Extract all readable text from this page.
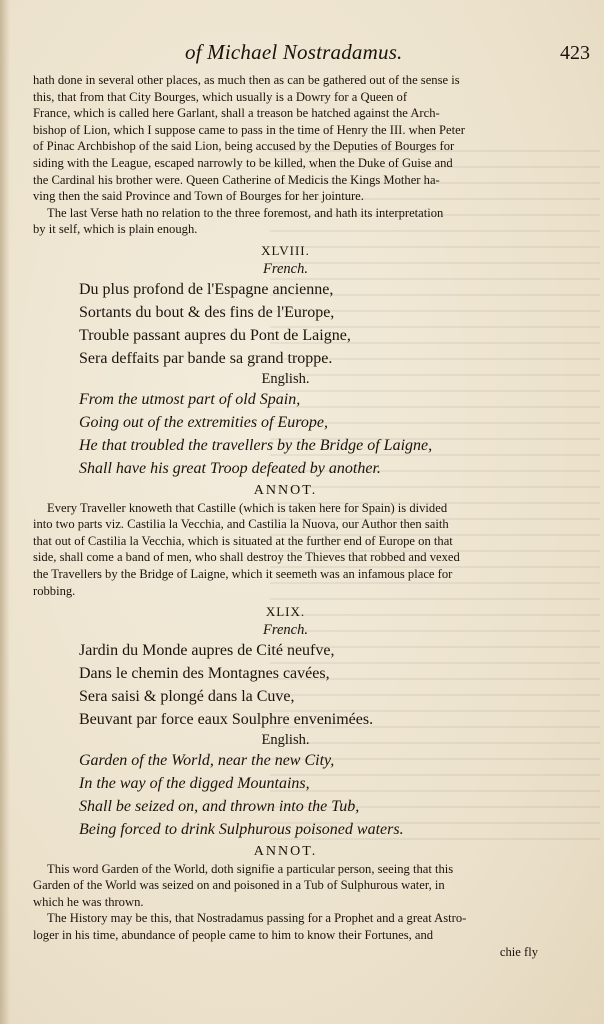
of Michael Nostradamus.	423

hath done in several other places, as much then as can be gathered out of the sense is
this, that from that City Bourges, which usually is a Dowry for a Queen of
France, which is called here Garlant, shall a treason be hatched against the Arch-
bishop of Lion, which I suppose came to pass in the time of Henry the III. when Peter
of Pinac Archbishop of the said Lion, being accused by the Deputies of Bourges for
siding with the League, escaped narrowly to be killed, when the Duke of Guise and
the Cardinal his brother were. Queen Catherine of Medicis the Kings Mother ha-
ving then the said Province and Town of Bourges for her jointure.

The last Verse hath no relation to the three foremost, and hath its interpretation
by it self, which is plain enough.

XLVIII.
French.
Du plus profond de l'Espagne ancienne,
Sortants du bout & des fins de l'Europe,
Trouble passant aupres du Pont de Laigne,
Sera deffaits par bande sa grand troppe.
English.
From the utmost part of old Spain,
Going out of the extremities of Europe,
He that troubled the travellers by the Bridge of Laigne,
Shall have his great Troop defeated by another.
ANNOT.

Every Traveller knoweth that Castille (which is taken here for Spain) is divided
into two parts viz. Castilia la Vecchia, and Castilia la Nuova, our Author then saith
that out of Castilia la Vecchia, which is situated at the further end of Europe on that
side, shall come a band of men, who shall destroy the Thieves that robbed and vexed
the Travellers by the Bridge of Laigne, which it seemeth was an infamous place for
robbing.

XLIX.
French.
Jardin du Monde aupres de Cité neufve,
Dans le chemin des Montagnes cavées,
Sera saisi & plongé dans la Cuve,
Beuvant par force eaux Soulphre envenimées.
English.
Garden of the World, near the new City,
In the way of the digged Mountains,
Shall be seized on, and thrown into the Tub,
Being forced to drink Sulphurous poisoned waters.
ANNOT.

This word Garden of the World, doth signifie a particular person, seeing that this
Garden of the World was seized on and poisoned in a Tub of Sulphurous water, in
which he was thrown.

The History may be this, that Nostradamus passing for a Prophet and a great Astro-
loger in his time, abundance of people came to him to know their Fortunes, and

chie fly
